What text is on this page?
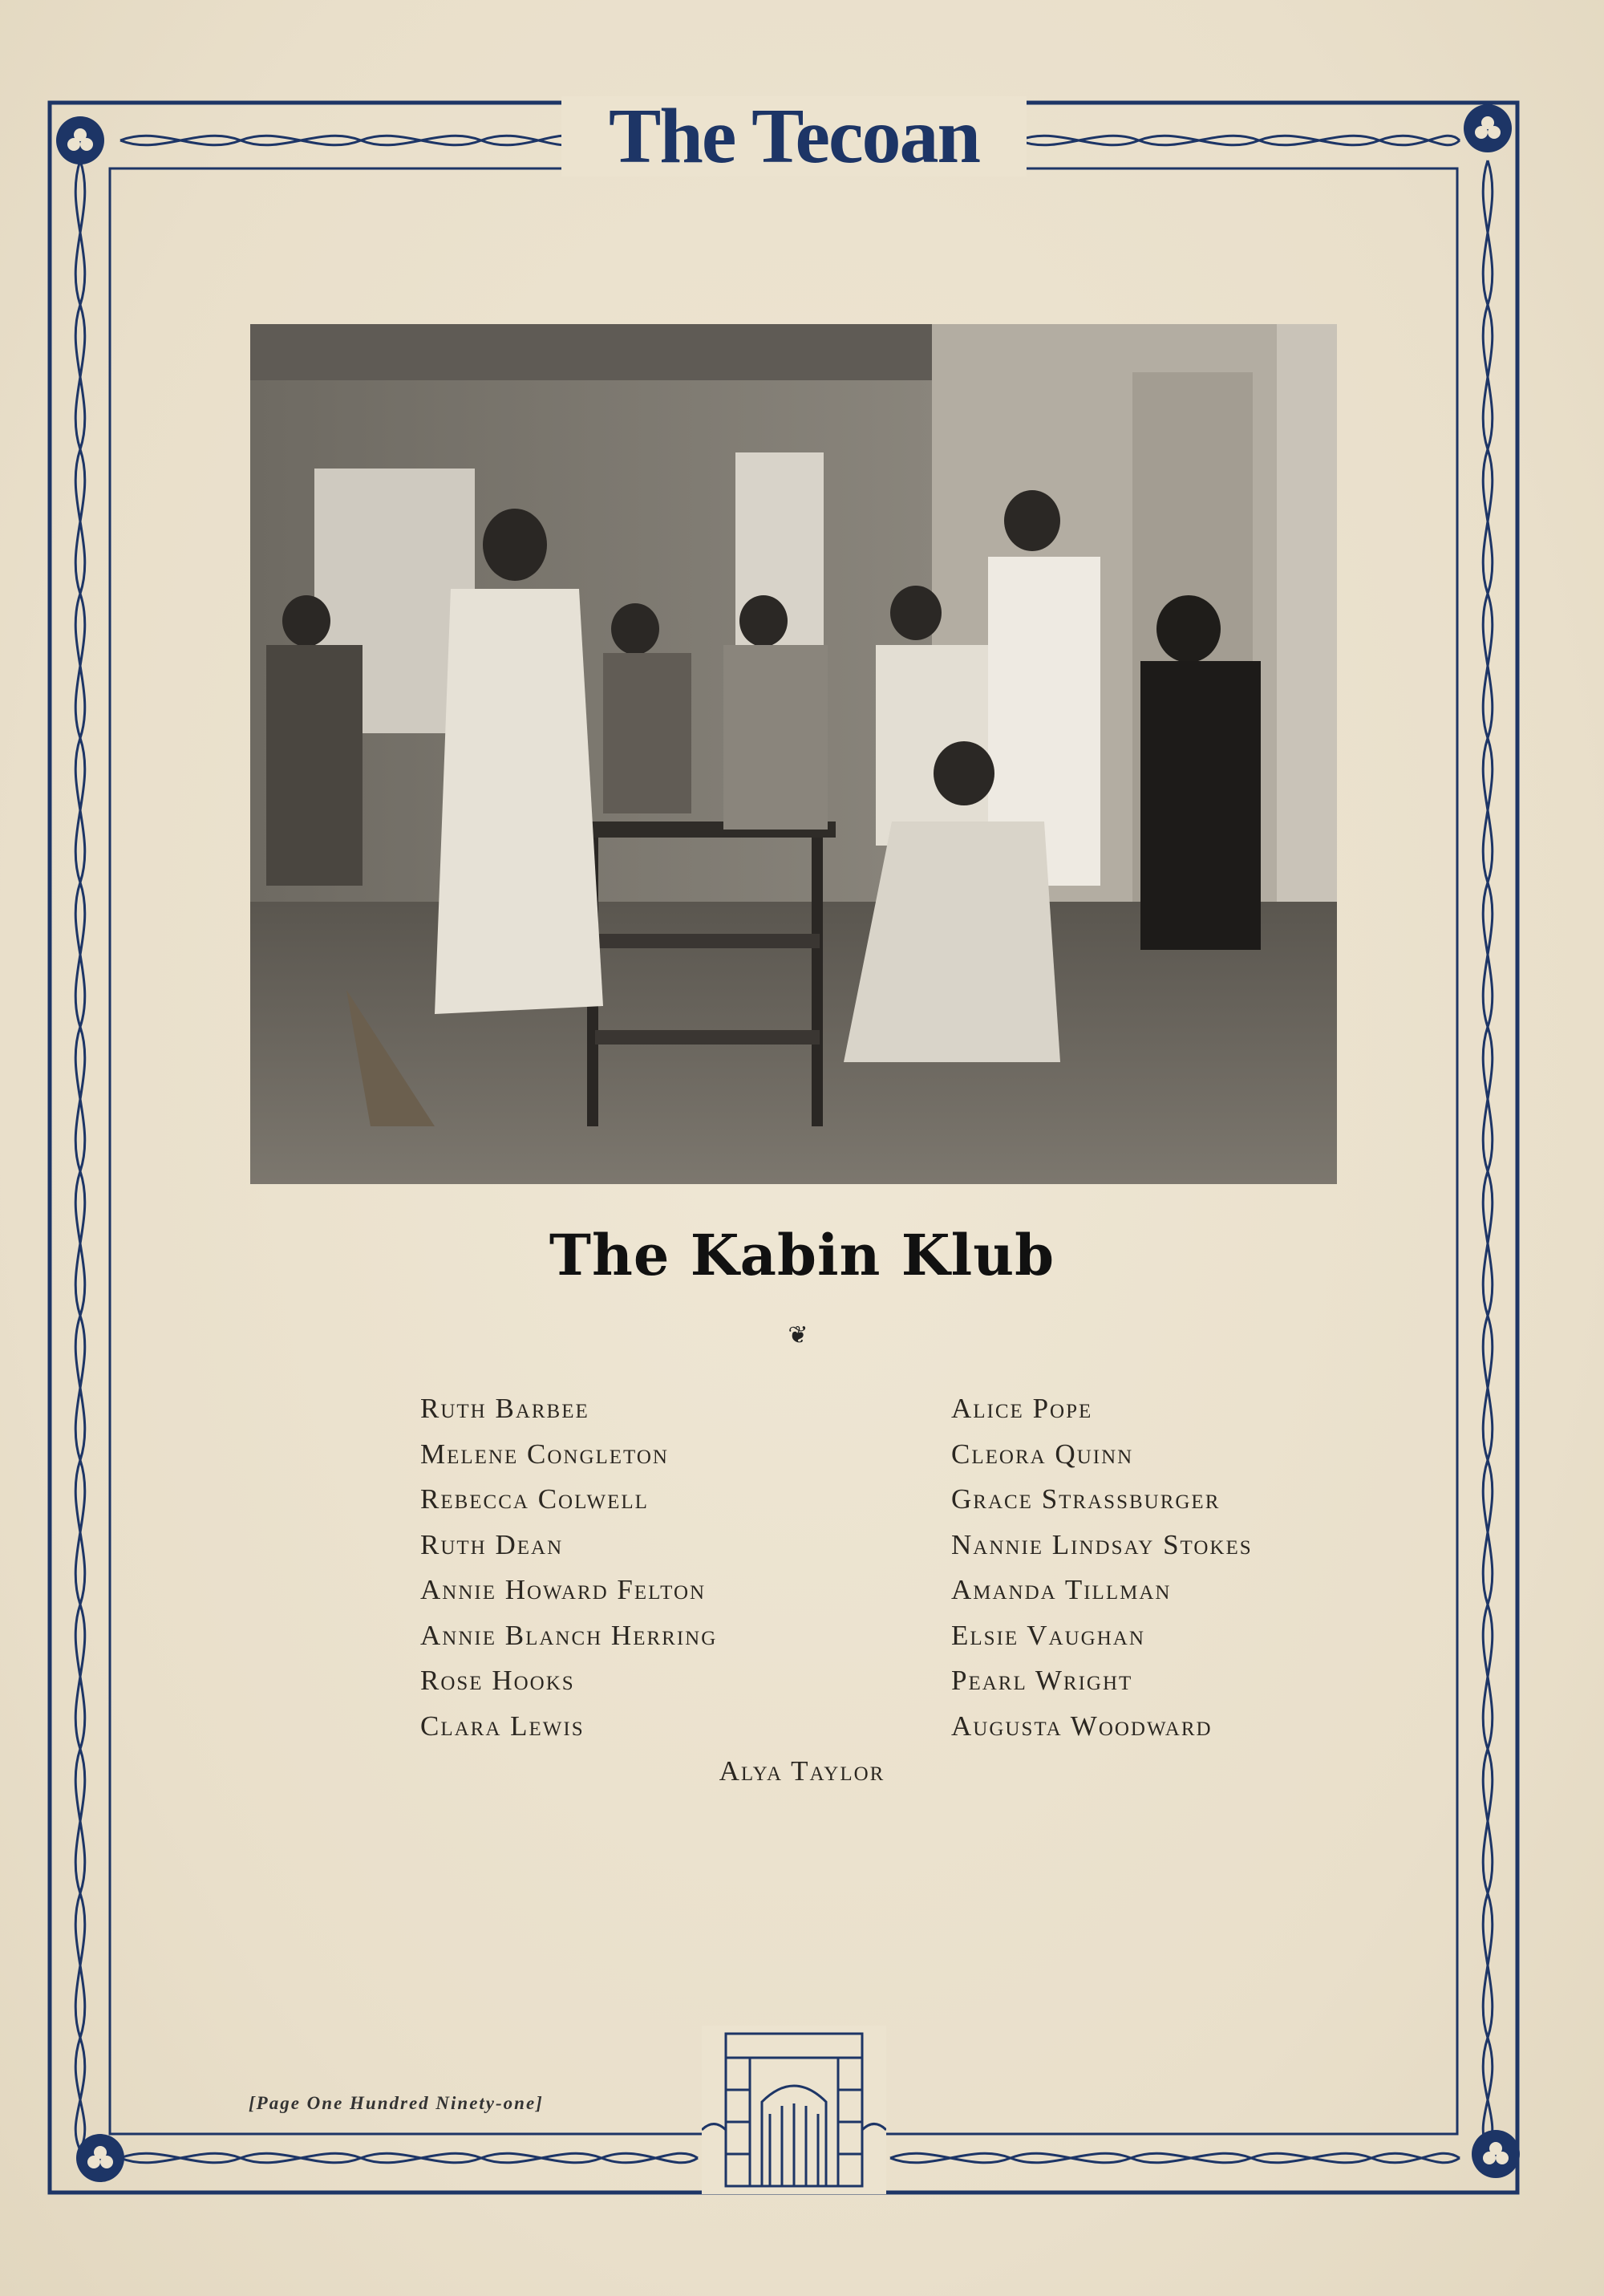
The Tecoan
The Kabin Klub
❦
Ruth Barbee
Melene Congleton
Rebecca Colwell
Ruth Dean
Annie Howard Felton
Annie Blanch Herring
Rose Hooks
Clara Lewis
Alice Pope
Cleora Quinn
Grace Strassburger
Nannie Lindsay Stokes
Amanda Tillman
Elsie Vaughan
Pearl Wright
Augusta Woodward
Alya Taylor
[Page One Hundred Ninety-one]
